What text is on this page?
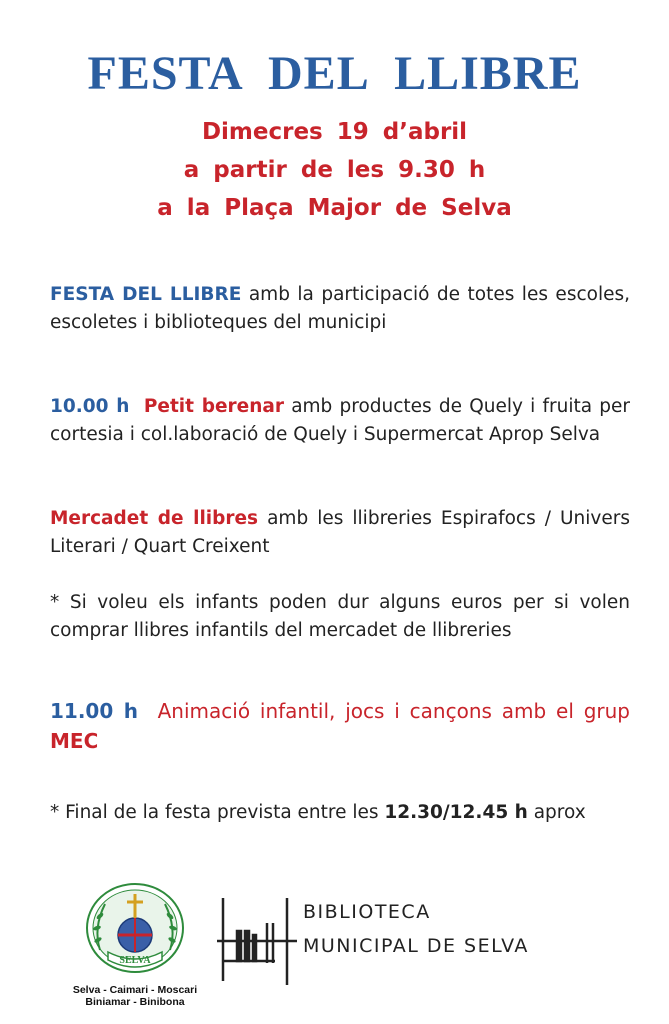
FESTA DEL LLIBRE
Dimecres 19 d’abril
a partir de les 9.30 h
a la Plaça Major de Selva

FESTA DEL LLIBRE amb la participació de totes les escoles, escoletes i biblioteques del municipi

10.00 h Petit berenar amb productes de Quely i fruita per cortesia i col.laboració de Quely i Supermercat Aprop Selva

Mercadet de llibres amb les llibreries Espirafocs / Univers Literari / Quart Creixent

* Si voleu els infants poden dur alguns euros per si volen comprar llibres infantils del mercadet de llibreries

11.00 h Animació infantil, jocs i cançons amb el grup MEC

* Final de la festa prevista entre les 12.30/12.45 h aprox

SELVA
Selva - Caimari - Moscari
Biniamar - Binibona
BIBLIOTECA
MUNICIPAL DE SELVA
